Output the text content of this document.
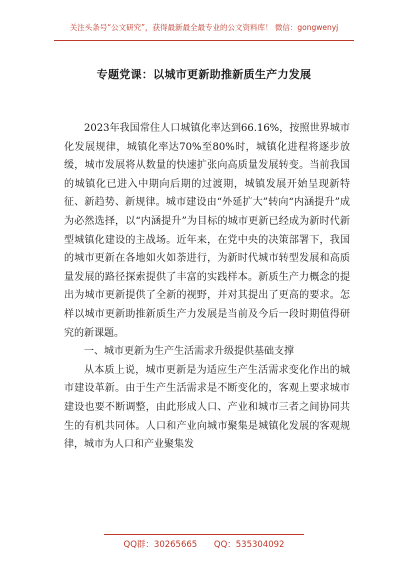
关注头条号“公文研究”，获得最新最全最专业的公文资料库！ 微信：gongwenyj
专题党课：以城市更新助推新质生产力发展

2023年我国常住人口城镇化率达到66.16%，按照世界城市化发展规律，城镇化率达70%至80%时，城镇化进程将逐步放缓，城市发展将从数量的快速扩张向高质量发展转变。当前我国的城镇化已进入中期向后期的过渡期，城镇发展开始呈现新特征、新趋势、新规律。城市建设由“外延扩大”转向“内涵提升”成为必然选择，以“内涵提升”为目标的城市更新已经成为新时代新型城镇化建设的主战场。近年来，在党中央的决策部署下，我国的城市更新在各地如火如荼进行，为新时代城市转型发展和高质量发展的路径探索提供了丰富的实践样本。新质生产力概念的提出为城市更新提供了全新的视野，并对其提出了更高的要求。怎样以城市更新助推新质生产力发展是当前及今后一段时期值得研究的新课题。

一、城市更新为生产生活需求升级提供基础支撑

从本质上说，城市更新是为适应生产生活需求变化作出的城市建设革新。由于生产生活需求是不断变化的，客观上要求城市建设也要不断调整，由此形成人口、产业和城市三者之间协同共生的有机共同体。人口和产业向城市聚集是城镇化发展的客观规律，城市为人口和产业聚集发

QQ群：30265665 QQ：535304092
